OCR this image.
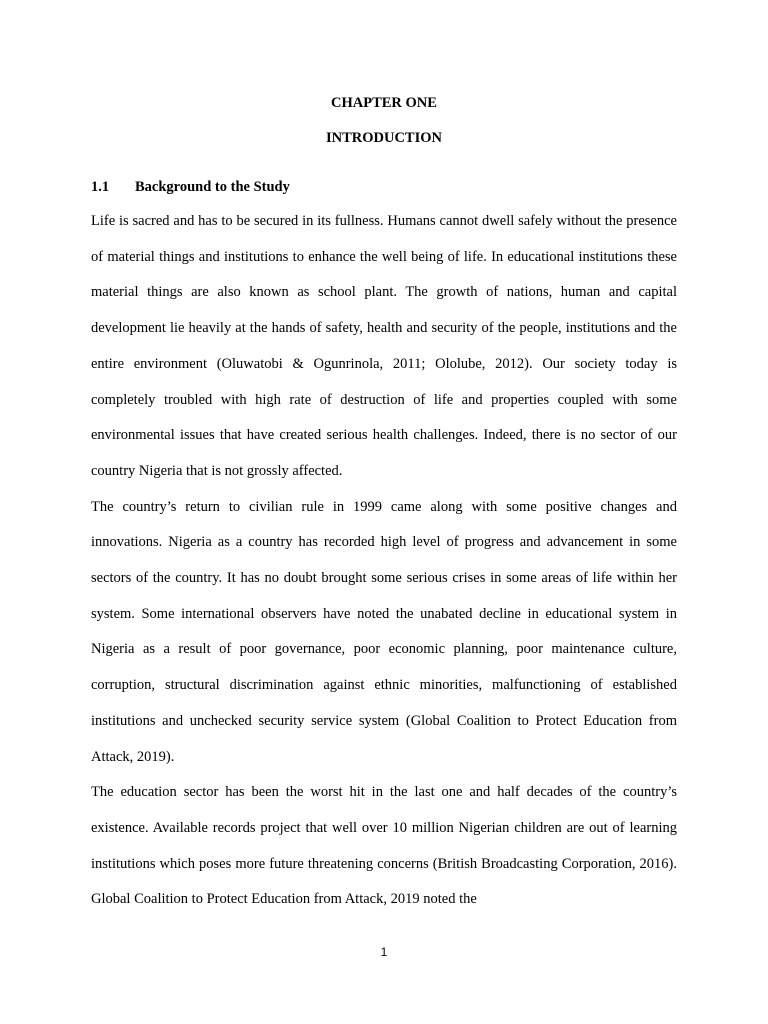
CHAPTER ONE
INTRODUCTION
1.1 Background to the Study

Life is sacred and has to be secured in its fullness. Humans cannot dwell safely without the presence of material things and institutions to enhance the well being of life. In educational institutions these material things are also known as school plant. The growth of nations, human and capital development lie heavily at the hands of safety, health and security of the people, institutions and the entire environment (Oluwatobi & Ogunrinola, 2011; Ololube, 2012). Our society today is completely troubled with high rate of destruction of life and properties coupled with some environmental issues that have created serious health challenges. Indeed, there is no sector of our country Nigeria that is not grossly affected.

The country’s return to civilian rule in 1999 came along with some positive changes and innovations. Nigeria as a country has recorded high level of progress and advancement in some sectors of the country. It has no doubt brought some serious crises in some areas of life within her system. Some international observers have noted the unabated decline in educational system in Nigeria as a result of poor governance, poor economic planning, poor maintenance culture, corruption, structural discrimination against ethnic minorities, malfunctioning of established institutions and unchecked security service system (Global Coalition to Protect Education from Attack, 2019).

The education sector has been the worst hit in the last one and half decades of the country’s existence. Available records project that well over 10 million Nigerian children are out of learning institutions which poses more future threatening concerns (British Broadcasting Corporation, 2016). Global Coalition to Protect Education from Attack, 2019 noted the

1
